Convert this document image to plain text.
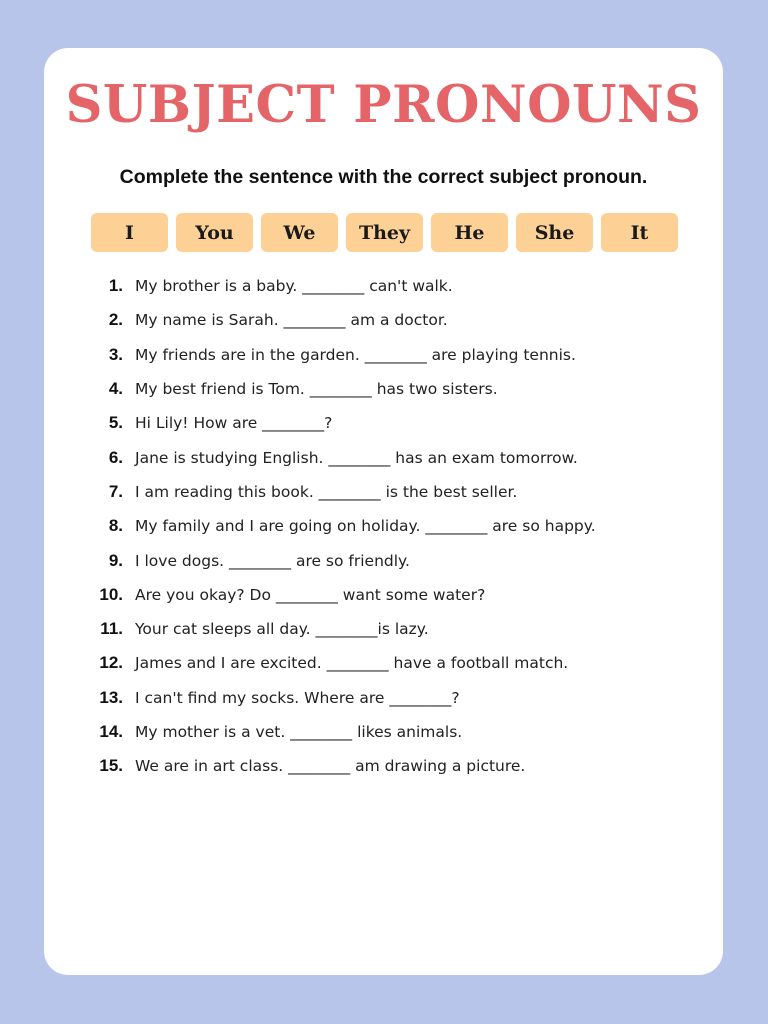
SUBJECT PRONOUNS
Complete the sentence with the correct subject pronoun.
I	You	We	They	He	She	It
1. My brother is a baby. ________ can't walk.
2. My name is Sarah. ________ am a doctor.
3. My friends are in the garden. ________ are playing tennis.
4. My best friend is Tom. ________ has two sisters.
5. Hi Lily! How are ________?
6. Jane is studying English. ________ has an exam tomorrow.
7. I am reading this book. ________ is the best seller.
8. My family and I are going on holiday. ________ are so happy.
9. I love dogs. ________ are so friendly.
10. Are you okay? Do ________ want some water?
11. Your cat sleeps all day. ________is lazy.
12. James and I are excited. ________ have a football match.
13. I can't find my socks. Where are ________?
14. My mother is a vet. ________ likes animals.
15. We are in art class. ________ am drawing a picture.
